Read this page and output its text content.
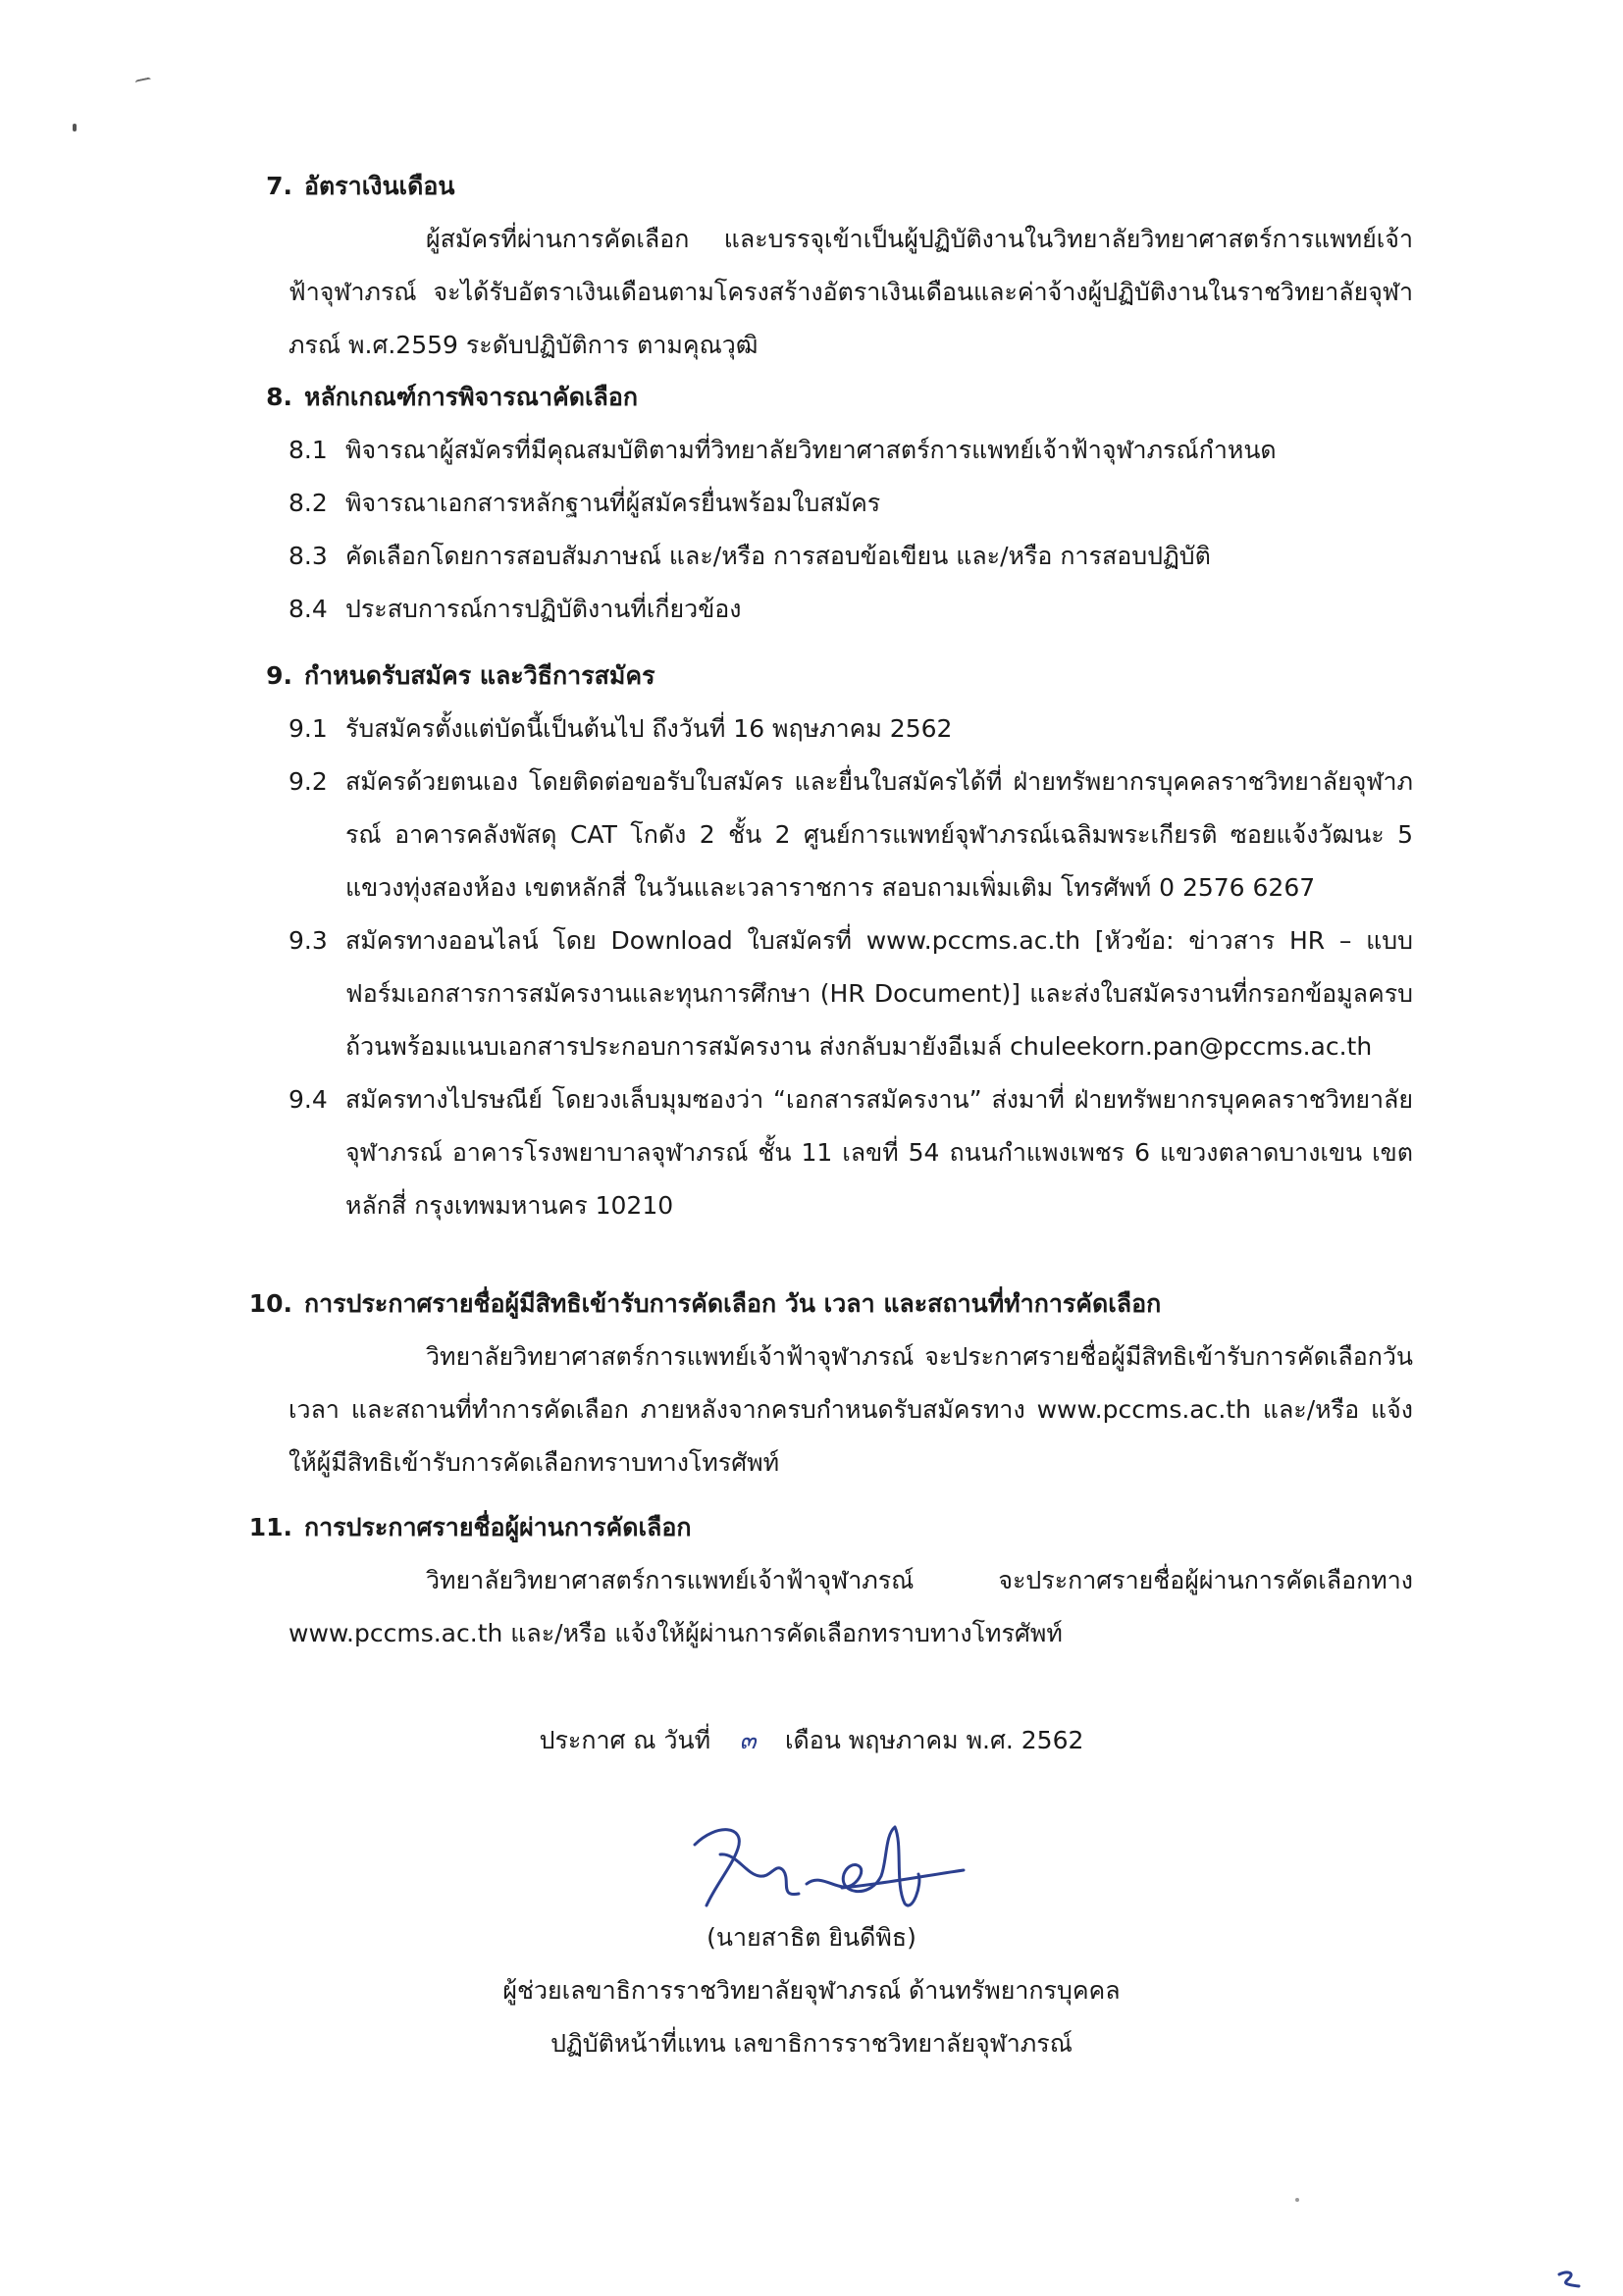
7. อัตราเงินเดือน
ผู้สมัครที่ผ่านการคัดเลือก และบรรจุเข้าเป็นผู้ปฏิบัติงานในวิทยาลัยวิทยาศาสตร์การแพทย์เจ้าฟ้าจุฬาภรณ์ จะได้รับอัตราเงินเดือนตามโครงสร้างอัตราเงินเดือนและค่าจ้างผู้ปฏิบัติงานในราชวิทยาลัยจุฬาภรณ์ พ.ศ.2559 ระดับปฏิบัติการ ตามคุณวุฒิ
8. หลักเกณฑ์การพิจารณาคัดเลือก
8.1 พิจารณาผู้สมัครที่มีคุณสมบัติตามที่วิทยาลัยวิทยาศาสตร์การแพทย์เจ้าฟ้าจุฬาภรณ์กำหนด
8.2 พิจารณาเอกสารหลักฐานที่ผู้สมัครยื่นพร้อมใบสมัคร
8.3 คัดเลือกโดยการสอบสัมภาษณ์ และ/หรือ การสอบข้อเขียน และ/หรือ การสอบปฏิบัติ
8.4 ประสบการณ์การปฏิบัติงานที่เกี่ยวข้อง
9. กำหนดรับสมัคร และวิธีการสมัคร
9.1 รับสมัครตั้งแต่บัดนี้เป็นต้นไป ถึงวันที่ 16 พฤษภาคม 2562
9.2 สมัครด้วยตนเอง โดยติดต่อขอรับใบสมัคร และยื่นใบสมัครได้ที่ ฝ่ายทรัพยากรบุคคลราชวิทยาลัยจุฬาภรณ์ อาคารคลังพัสดุ CAT โกดัง 2 ชั้น 2 ศูนย์การแพทย์จุฬาภรณ์เฉลิมพระเกียรติ ซอยแจ้งวัฒนะ 5 แขวงทุ่งสองห้อง เขตหลักสี่ ในวันและเวลาราชการ สอบถามเพิ่มเติม โทรศัพท์ 0 2576 6267
9.3 สมัครทางออนไลน์ โดย Download ใบสมัครที่ www.pccms.ac.th [หัวข้อ: ข่าวสาร HR – แบบฟอร์มเอกสารการสมัครงานและทุนการศึกษา (HR Document)] และส่งใบสมัครงานที่กรอกข้อมูลครบถ้วนพร้อมแนบเอกสารประกอบการสมัครงาน ส่งกลับมายังอีเมล์ chuleekorn.pan@pccms.ac.th
9.4 สมัครทางไปรษณีย์ โดยวงเล็บมุมซองว่า “เอกสารสมัครงาน” ส่งมาที่ ฝ่ายทรัพยากรบุคคลราชวิทยาลัยจุฬาภรณ์ อาคารโรงพยาบาลจุฬาภรณ์ ชั้น 11 เลขที่ 54 ถนนกำแพงเพชร 6 แขวงตลาดบางเขน เขตหลักสี่ กรุงเทพมหานคร 10210
10. การประกาศรายชื่อผู้มีสิทธิเข้ารับการคัดเลือก วัน เวลา และสถานที่ทำการคัดเลือก
วิทยาลัยวิทยาศาสตร์การแพทย์เจ้าฟ้าจุฬาภรณ์ จะประกาศรายชื่อผู้มีสิทธิเข้ารับการคัดเลือกวัน เวลา และสถานที่ทำการคัดเลือก ภายหลังจากครบกำหนดรับสมัครทาง www.pccms.ac.th และ/หรือ แจ้งให้ผู้มีสิทธิเข้ารับการคัดเลือกทราบทางโทรศัพท์
11. การประกาศรายชื่อผู้ผ่านการคัดเลือก
วิทยาลัยวิทยาศาสตร์การแพทย์เจ้าฟ้าจุฬาภรณ์ จะประกาศรายชื่อผู้ผ่านการคัดเลือกทาง www.pccms.ac.th และ/หรือ แจ้งให้ผู้ผ่านการคัดเลือกทราบทางโทรศัพท์
ประกาศ ณ วันที่ ๓ เดือน พฤษภาคม พ.ศ. 2562
(นายสาธิต ยินดีพิธ)
ผู้ช่วยเลขาธิการราชวิทยาลัยจุฬาภรณ์ ด้านทรัพยากรบุคคล
ปฏิบัติหน้าที่แทน เลขาธิการราชวิทยาลัยจุฬาภรณ์
